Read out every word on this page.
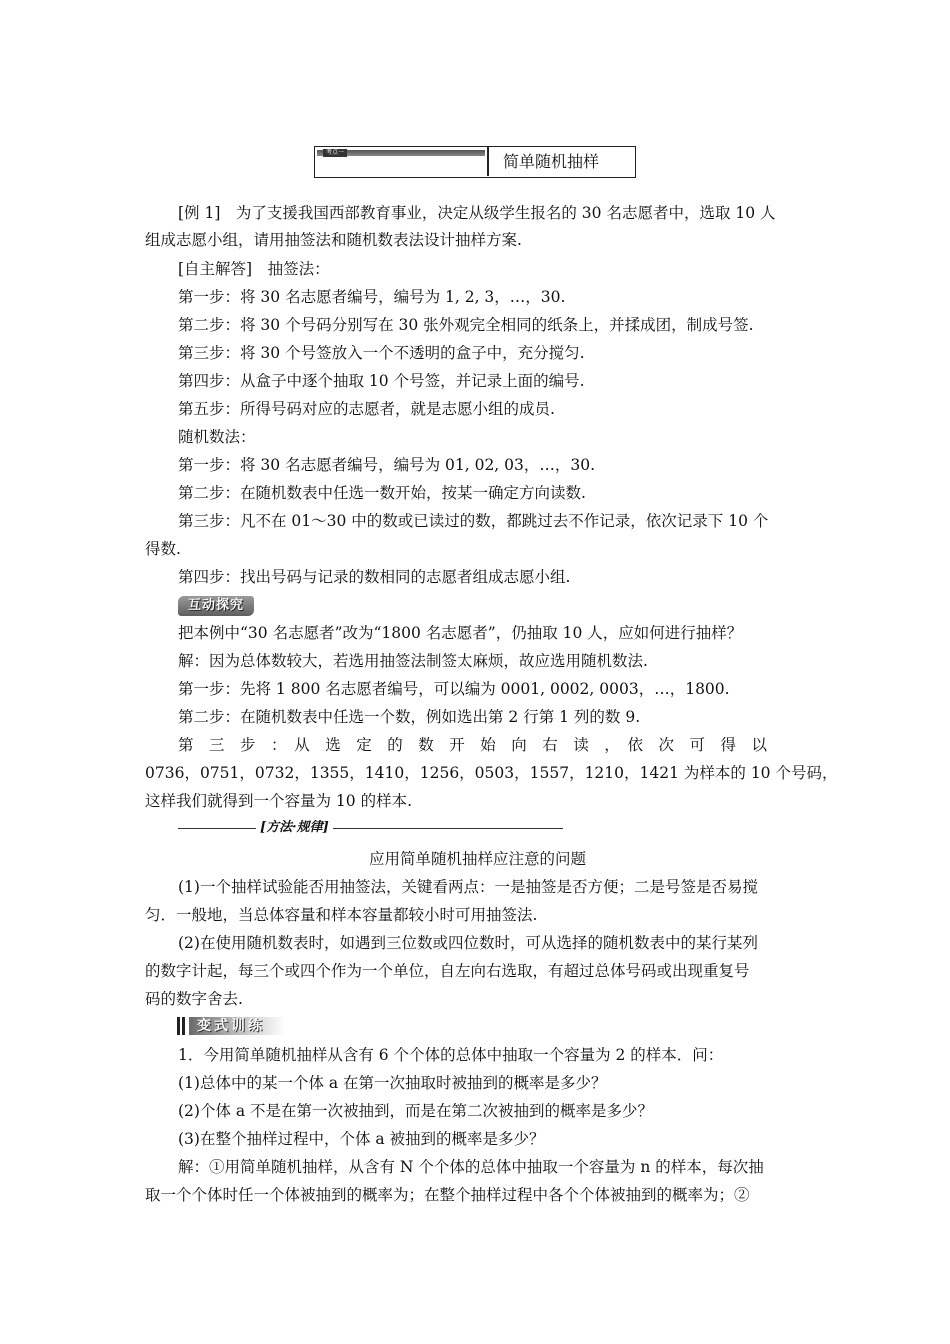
考点一	简单随机抽样
[例 1]　为了支援我国西部教育事业，决定从级学生报名的 30 名志愿者中，选取 10 人
组成志愿小组，请用抽签法和随机数表法设计抽样方案.
[自主解答]　抽签法：
第一步：将 30 名志愿者编号，编号为 1, 2, 3，…，30.
第二步：将 30 个号码分别写在 30 张外观完全相同的纸条上，并揉成团，制成号签.
第三步：将 30 个号签放入一个不透明的盒子中，充分搅匀.
第四步：从盒子中逐个抽取 10 个号签，并记录上面的编号.
第五步：所得号码对应的志愿者，就是志愿小组的成员.
随机数法：
第一步：将 30 名志愿者编号，编号为 01, 02, 03，…，30.
第二步：在随机数表中任选一数开始，按某一确定方向读数.
第三步：凡不在 01～30 中的数或已读过的数，都跳过去不作记录，依次记录下 10 个
得数.
第四步：找出号码与记录的数相同的志愿者组成志愿小组.
互动探究
把本例中“30 名志愿者”改为“1800 名志愿者”，仍抽取 10 人，应如何进行抽样？
解：因为总体数较大，若选用抽签法制签太麻烦，故应选用随机数法.
第一步：先将 1 800 名志愿者编号，可以编为 0001, 0002, 0003，…，1800.
第二步：在随机数表中任选一个数，例如选出第 2 行第 1 列的数 9.
第　三　步　：　从　选　定　的　数　开　始　向　右　读　，　依　次　可　得　以
0736，0751，0732，1355，1410，1256，0503，1557，1210，1421 为样本的 10 个号码，
这样我们就得到一个容量为 10 的样本.
[方法·规律]
应用简单随机抽样应注意的问题
(1)一个抽样试验能否用抽签法，关键看两点：一是抽签是否方便；二是号签是否易搅
匀．一般地，当总体容量和样本容量都较小时可用抽签法.
(2)在使用随机数表时，如遇到三位数或四位数时，可从选择的随机数表中的某行某列
的数字计起，每三个或四个作为一个单位，自左向右选取，有超过总体号码或出现重复号
码的数字舍去.
变式训练
1．今用简单随机抽样从含有 6 个个体的总体中抽取一个容量为 2 的样本．问：
(1)总体中的某一个体 a 在第一次抽取时被抽到的概率是多少？
(2)个体 a 不是在第一次被抽到，而是在第二次被抽到的概率是多少？
(3)在整个抽样过程中，个体 a 被抽到的概率是多少？
解：①用简单随机抽样，从含有 N 个个体的总体中抽取一个容量为 n 的样本，每次抽
取一个个体时任一个体被抽到的概率为；在整个抽样过程中各个个体被抽到的概率为；②
